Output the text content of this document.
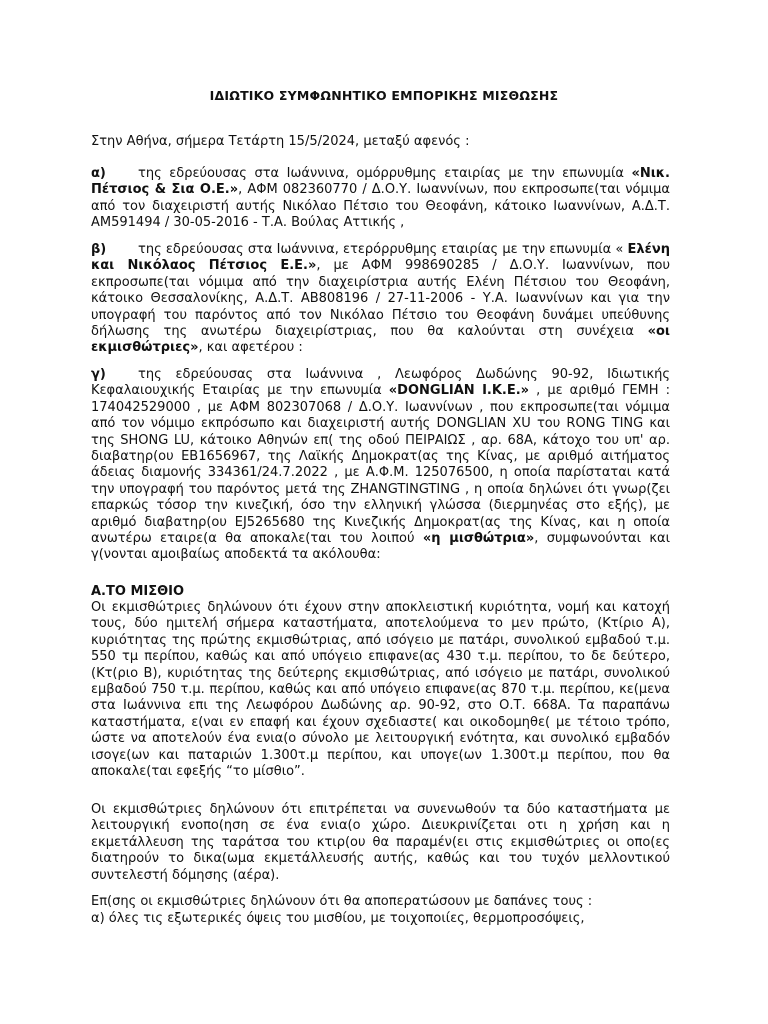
ΙΔΙΩΤΙΚΟ ΣΥΜΦΩΝΗΤΙΚΟ ΕΜΠΟΡΙΚΗΣ ΜΙΣΘΩΣΗΣ

Στην Αθήνα, σήμερα Τετάρτη 15/5/2024, μεταξύ αφενός :

α) της εδρεύουσας στα Ιωάννινα, ομόρρυθμης εταιρίας με την επωνυμία «Νικ. Πέτσιος & Σια Ο.Ε.», ΑΦΜ 082360770 / Δ.Ο.Υ. Ιωαννίνων, που εκπροσωπε(ται νόμιμα από τον διαχειριστή αυτής Νικόλαο Πέτσιο του Θεοφάνη, κάτοικο Ιωαννίνων, Α.Δ.Τ. ΑΜ591494 / 30-05-2016 - Τ.Α. Βούλας Αττικής ,

β) της εδρεύουσας στα Ιωάννινα, ετερόρρυθμης εταιρίας με την επωνυμία « Ελένη και Νικόλαος Πέτσιος Ε.Ε.», με ΑΦΜ 998690285 / Δ.Ο.Υ. Ιωαννίνων, που εκπροσωπε(ται νόμιμα από την διαχειρίστρια αυτής Ελένη Πέτσιου του Θεοφάνη, κάτοικο Θεσσαλονίκης, Α.Δ.Τ. ΑΒ808196 / 27-11-2006 - Υ.Α. Ιωαννίνων και για την υπογραφή του παρόντος από τον Νικόλαο Πέτσιο του Θεοφάνη δυνάμει υπεύθυνης δήλωσης της ανωτέρω διαχειρίστριας, που θα καλούνται στη συνέχεια «οι εκμισθώτριες», και αφετέρου :

γ) της εδρεύουσας στα Ιωάννινα , Λεωφόρος Δωδώνης 90-92, Ιδιωτικής Κεφαλαιουχικής Εταιρίας με την επωνυμία «DONGLIAN I.K.E.» , με αριθμό ΓΕΜΗ : 174042529000 , με ΑΦΜ 802307068 / Δ.Ο.Υ. Ιωαννίνων , που εκπροσωπε(ται νόμιμα από τον νόμιμο εκπρόσωπο και διαχειριστή αυτής DONGLIAN XU του RONG TING και της SHONG LU, κάτοικο Αθηνών επ( της οδού ΠΕΙΡΑΙΩΣ , αρ. 68Α, κάτοχο του υπ' αρ. διαβατηρ(ου ΕΒ1656967, της Λαϊκής Δημοκρατ(ας της Κίνας, με αριθμό αιτήματος άδειας διαμονής 334361/24.7.2022 , με Α.Φ.Μ. 125076500, η οποία παρίσταται κατά την υπογραφή του παρόντος μετά της ZHANGTINGTING , η οποία δηλώνει ότι γνωρ(ζει επαρκώς τόσορ την κινεζική, όσο την ελληνική γλώσσα (διερμηνέας στο εξής), με αριθμό διαβατηρ(ου EJ5265680 της Κινεζικής Δημοκρατ(ας της Κίνας, και η οποία ανωτέρω εταιρε(α θα αποκαλε(ται του λοιπού «η μισθώτρια», συμφωνούνται και γ(νονται αμοιβαίως αποδεκτά τα ακόλουθα:

Α.ΤΟ ΜΙΣΘΙΟ

Οι εκμισθώτριες δηλώνουν ότι έχουν στην αποκλειστική κυριότητα, νομή και κατοχή τους, δύο ημιτελή σήμερα καταστήματα, αποτελούμενα το μεν πρώτο, (Κτίριο Α), κυριότητας της πρώτης εκμισθώτριας, από ισόγειο με πατάρι, συνολικού εμβαδού τ.μ. 550 τμ περίπου, καθώς και από υπόγειο επιφανε(ας 430 τ.μ. περίπου, το δε δεύτερο, (Κτ(ριο Β), κυριότητας της δεύτερης εκμισθώτριας, από ισόγειο με πατάρι, συνολικού εμβαδού 750 τ.μ. περίπου, καθώς και από υπόγειο επιφανε(ας 870 τ.μ. περίπου, κε(μενα στα Ιωάννινα επι της Λεωφόρου Δωδώνης αρ. 90-92, στο Ο.Τ. 668Α. Τα παραπάνω καταστήματα, ε(ναι εν επαφή και έχουν σχεδιαστε( και οικοδομηθε( με τέτοιο τρόπο, ώστε να αποτελούν ένα ενια(ο σύνολο με λειτουργική ενότητα, και συνολικό εμβαδόν ισογε(ων και παταριών 1.300τ.μ περίπου, και υπογε(ων 1.300τ.μ περίπου, που θα αποκαλε(ται εφεξής “το μίσθιο”.

Οι εκμισθώτριες δηλώνουν ότι επιτρέπεται να συνενωθούν τα δύο καταστήματα με λειτουργική ενοπο(ηση σε ένα ενια(ο χώρο. Διευκρινίζεται οτι η χρήση και η εκμετάλλευση της ταράτσα του κτιρ(ου θα παραμέν(ει στις εκμισθώτριες οι οπο(ες διατηρούν το δικα(ωμα εκμετάλλευσής αυτής, καθώς και του τυχόν μελλοντικού συντελεστή δόμησης (αέρα).

Επ(σης οι εκμισθώτριες δηλώνουν ότι θα αποπερατώσουν με δαπάνες τους :

α) όλες τις εξωτερικές όψεις του μισθίου, με τοιχοποιίες, θερμοπροσόψεις,
